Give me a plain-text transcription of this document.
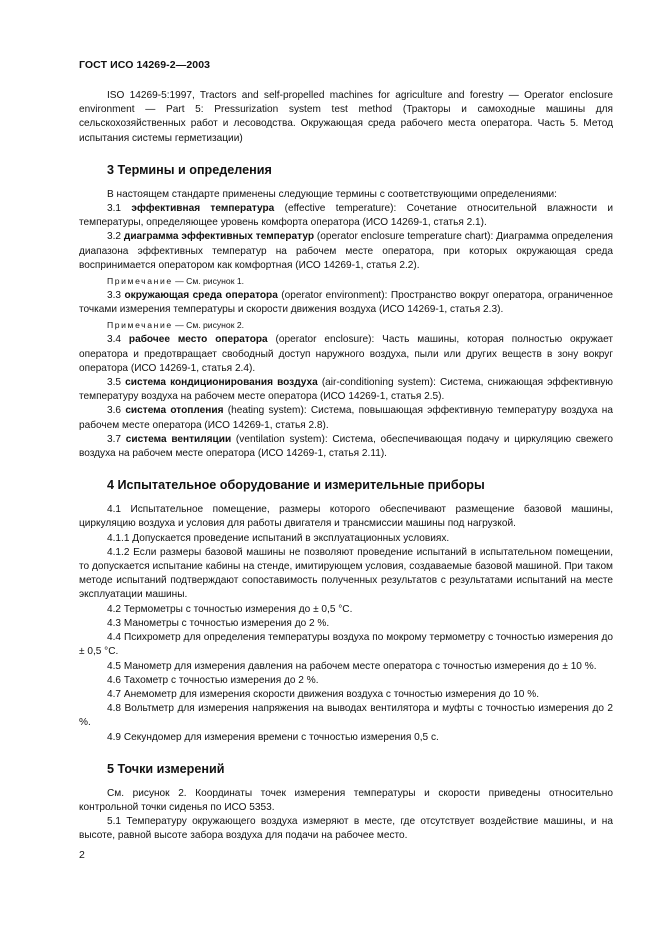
ГОСТ ИСО 14269-2—2003

ISO 14269-5:1997, Tractors and self-propelled machines for agriculture and forestry — Operator enclosure environment — Part 5: Pressurization system test method (Тракторы и самоходные машины для сельскохозяйственных работ и лесоводства. Окружающая среда рабочего места оператора. Часть 5. Метод испытания системы герметизации)

3 Термины и определения

В настоящем стандарте применены следующие термины с соответствующими определениями:

3.1 эффективная температура (effective temperature): Сочетание относительной влажности и температуры, определяющее уровень комфорта оператора (ИСО 14269-1, статья 2.1).

3.2 диаграмма эффективных температур (operator enclosure temperature chart): Диаграмма определения диапазона эффективных температур на рабочем месте оператора, при которых окружающая среда воспринимается оператором как комфортная (ИСО 14269-1, статья 2.2).

Примечание — См. рисунок 1.

3.3 окружающая среда оператора (operator environment): Пространство вокруг оператора, ограниченное точками измерения температуры и скорости движения воздуха (ИСО 14269-1, статья 2.3).

Примечание — См. рисунок 2.

3.4 рабочее место оператора (operator enclosure): Часть машины, которая полностью окружает оператора и предотвращает свободный доступ наружного воздуха, пыли или других веществ в зону вокруг оператора (ИСО 14269-1, статья 2.4).

3.5 система кондиционирования воздуха (air-conditioning system): Система, снижающая эффективную температуру воздуха на рабочем месте оператора (ИСО 14269-1, статья 2.5).

3.6 система отопления (heating system): Система, повышающая эффективную температуру воздуха на рабочем месте оператора (ИСО 14269-1, статья 2.8).

3.7 система вентиляции (ventilation system): Система, обеспечивающая подачу и циркуляцию свежего воздуха на рабочем месте оператора (ИСО 14269-1, статья 2.11).

4 Испытательное оборудование и измерительные приборы

4.1 Испытательное помещение, размеры которого обеспечивают размещение базовой машины, циркуляцию воздуха и условия для работы двигателя и трансмиссии машины под нагрузкой.

4.1.1 Допускается проведение испытаний в эксплуатационных условиях.

4.1.2 Если размеры базовой машины не позволяют проведение испытаний в испытательном помещении, то допускается испытание кабины на стенде, имитирующем условия, создаваемые базовой машиной. При таком методе испытаний подтверждают сопоставимость полученных результатов с результатами испытаний на месте эксплуатации машины.

4.2 Термометры с точностью измерения до ± 0,5 °С.

4.3 Манометры с точностью измерения до 2 %.

4.4 Психрометр для определения температуры воздуха по мокрому термометру с точностью измерения до ± 0,5 °С.

4.5 Манометр для измерения давления на рабочем месте оператора с точностью измерения до ± 10 %.

4.6 Тахометр с точностью измерения до 2 %.

4.7 Анемометр для измерения скорости движения воздуха с точностью измерения до 10 %.

4.8 Вольтметр для измерения напряжения на выводах вентилятора и муфты с точностью измерения до 2 %.

4.9 Секундомер для измерения времени с точностью измерения 0,5 с.

5 Точки измерений

См. рисунок 2. Координаты точек измерения температуры и скорости приведены относительно контрольной точки сиденья по ИСО 5353.

5.1 Температуру окружающего воздуха измеряют в месте, где отсутствует воздействие машины, и на высоте, равной высоте забора воздуха для подачи на рабочее место.

2
